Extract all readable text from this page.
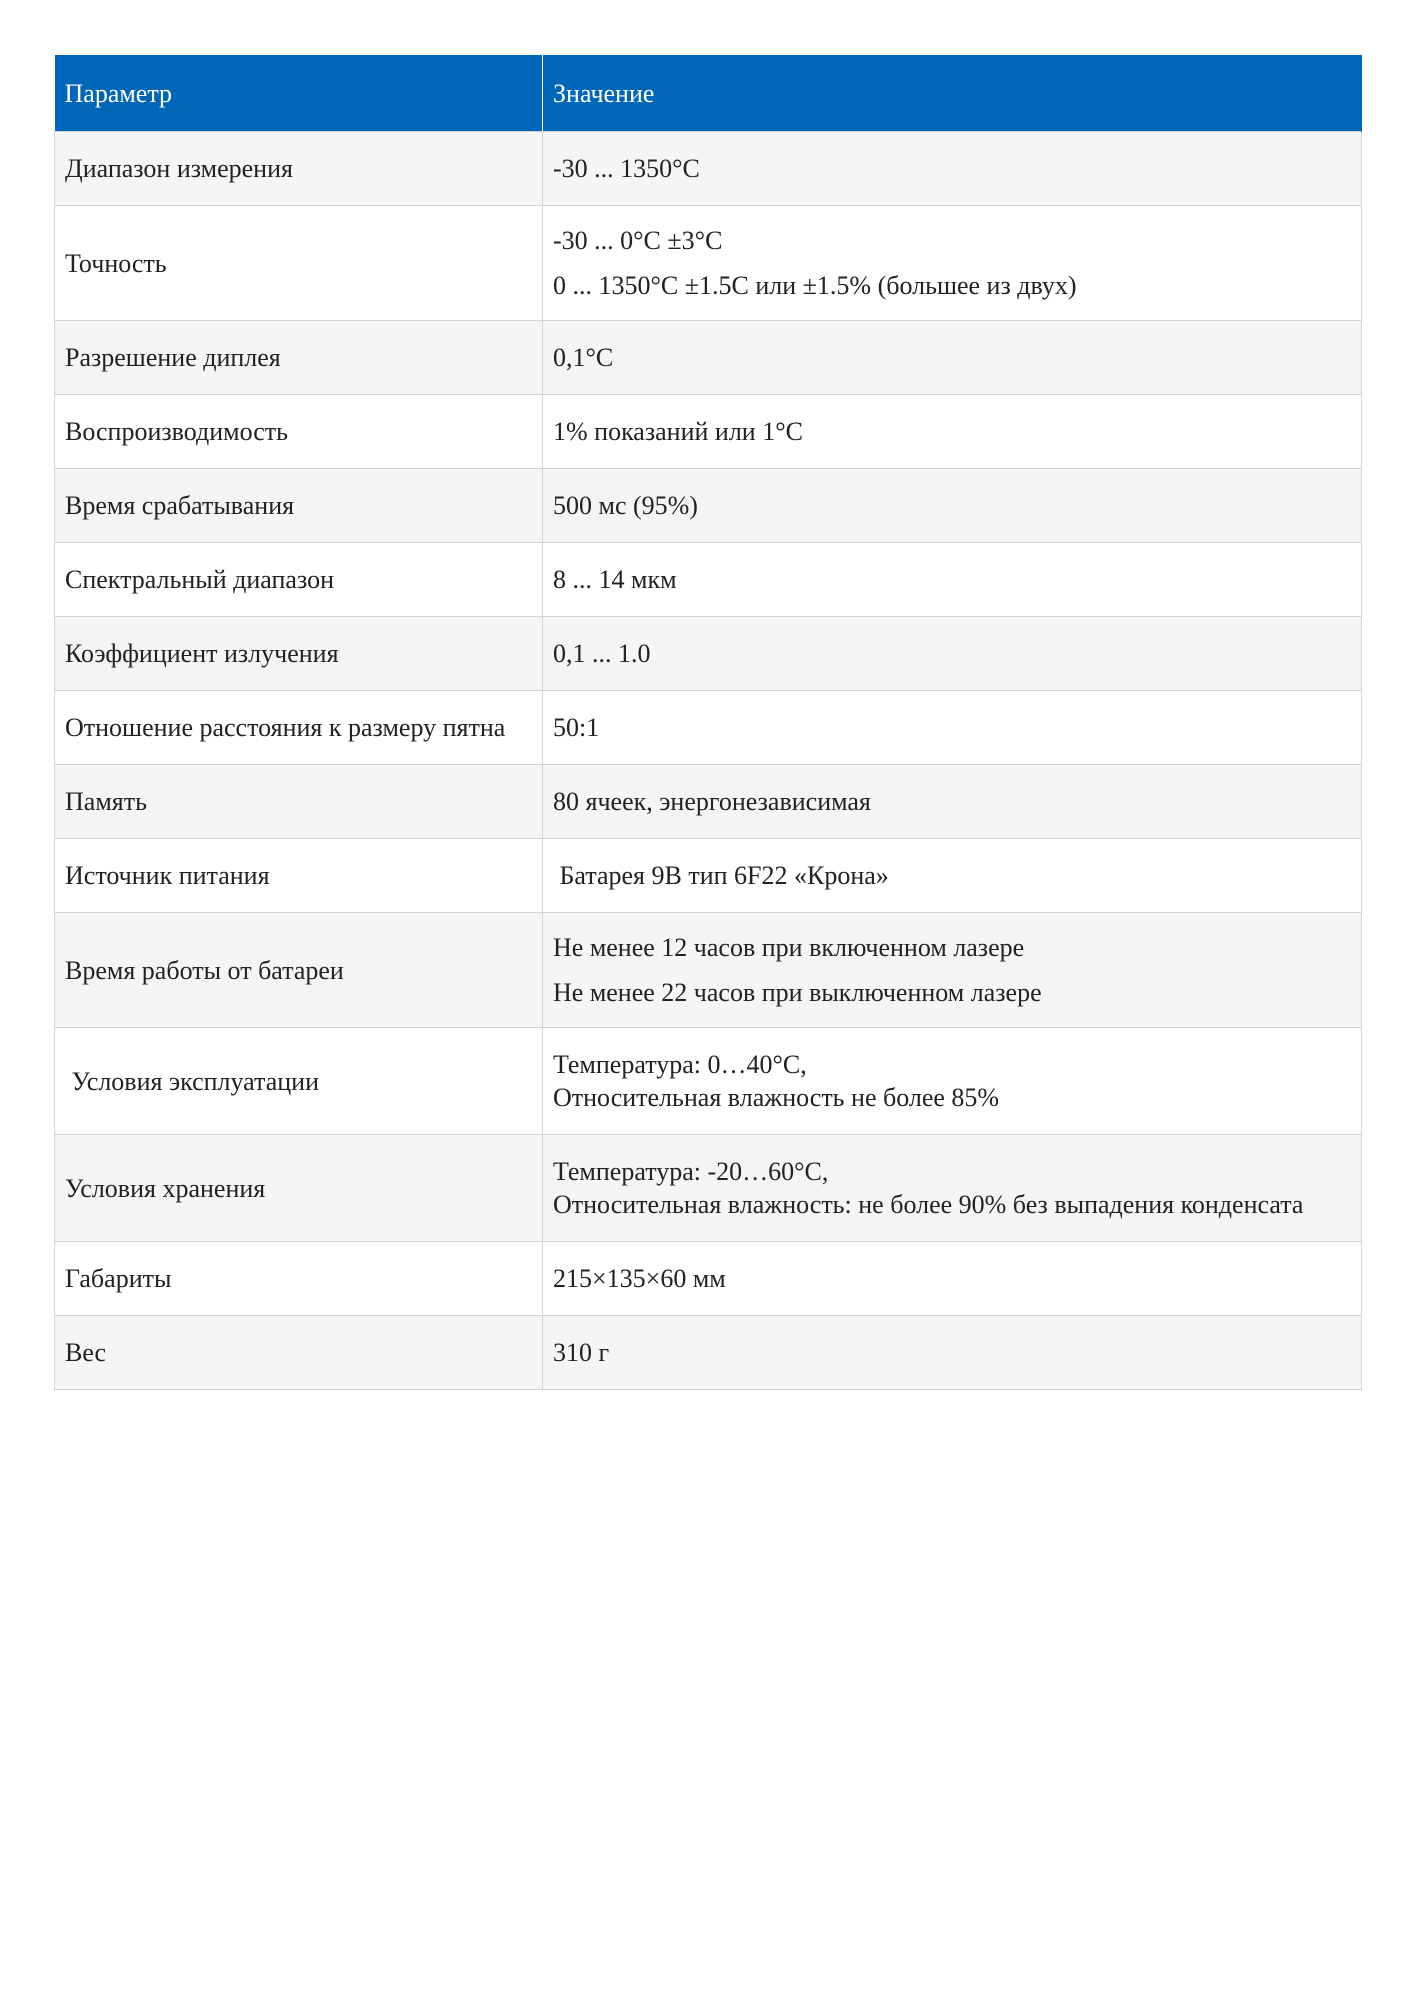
Параметр	Значение
Диапазон измерения	-30 ... 1350°C

Точность	-30 ... 0°C ±3°C
0 ... 1350°C ±1.5C или ±1.5% (большее из двух)

Разрешение диплея	0,1°C

Воспроизводимость	1% показаний или 1°C

Время срабатывания	500 мс (95%)

Спектральный диапазон	8 ... 14 мкм

Коэффициент излучения	0,1 ... 1.0

Отношение расстояния к размеру пятна	50:1

Память	80 ячеек, энергонезависимая

Источник питания	Батарея 9В тип 6F22 «Крона»

Время работы от батареи	Не менее 12 часов при включенном лазере
Не менее 22 часов при выключенном лазере

Условия эксплуатации	Температура: 0…40°C,
Относительная влажность не более 85%

Условия хранения	Температура: -20…60°C,
Относительная влажность: не более 90% без выпадения конденсата

Габариты	215×135×60 мм

Вес	310 г
